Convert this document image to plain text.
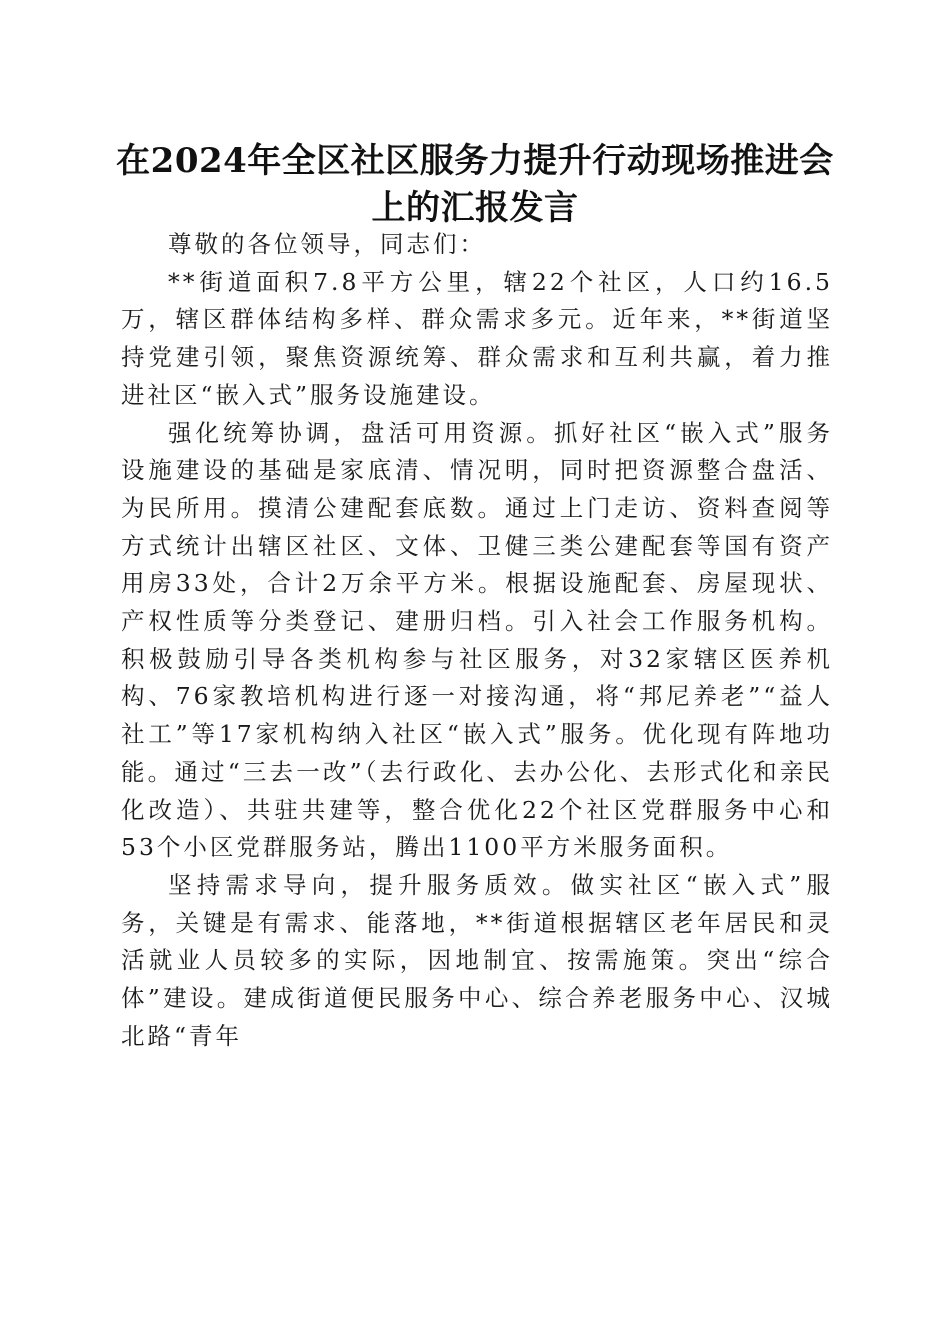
在2024年全区社区服务力提升行动现场推进会上的汇报发言

尊敬的各位领导，同志们：

**街道面积7.8平方公里，辖22个社区，人口约16.5万，辖区群体结构多样、群众需求多元。近年来，**街道坚持党建引领，聚焦资源统筹、群众需求和互利共赢，着力推进社区“嵌入式”服务设施建设。

强化统筹协调，盘活可用资源。抓好社区“嵌入式”服务设施建设的基础是家底清、情况明，同时把资源整合盘活、为民所用。摸清公建配套底数。通过上门走访、资料查阅等方式统计出辖区社区、文体、卫健三类公建配套等国有资产用房33处，合计2万余平方米。根据设施配套、房屋现状、产权性质等分类登记、建册归档。引入社会工作服务机构。积极鼓励引导各类机构参与社区服务，对32家辖区医养机构、76家教培机构进行逐一对接沟通，将“邦尼养老”“益人社工”等17家机构纳入社区“嵌入式”服务。优化现有阵地功能。通过“三去一改”（去行政化、去办公化、去形式化和亲民化改造）、共驻共建等，整合优化22个社区党群服务中心和53个小区党群服务站，腾出1100平方米服务面积。

坚持需求导向，提升服务质效。做实社区“嵌入式”服务，关键是有需求、能落地，**街道根据辖区老年居民和灵活就业人员较多的实际，因地制宜、按需施策。突出“综合体”建设。建成街道便民服务中心、综合养老服务中心、汉城北路“青年
